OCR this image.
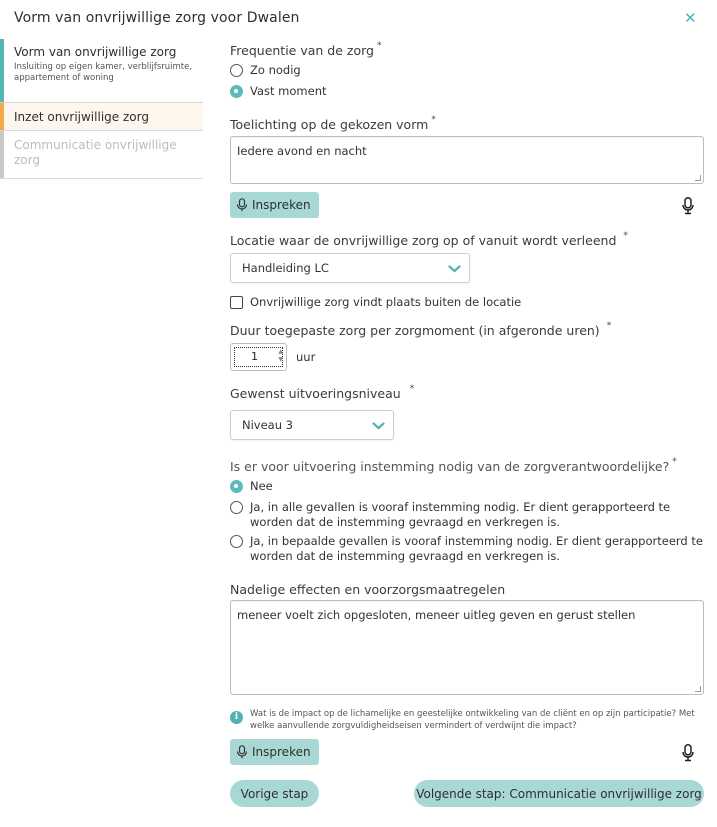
Vorm van onvrijwillige zorg voor Dwalen	✕
Vorm van onvrijwillige zorg
Insluiting op eigen kamer, verblijfsruimte, appartement of woning
Inzet onvrijwillige zorg
Communicatie onvrijwillige zorg
Frequentie van de zorg *
Zo nodig
Vast moment
Toelichting op de gekozen vorm *
Iedere avond en nacht
Inspreken
Locatie waar de onvrijwillige zorg op of vanuit wordt verleend *
Handleiding LC
Onvrijwillige zorg vindt plaats buiten de locatie
Duur toegepaste zorg per zorgmoment (in afgeronde uren) *
1	▲
▼ uur
Gewenst uitvoeringsniveau *
Niveau 3
Is er voor uitvoering instemming nodig van de zorgverantwoordelijke? *
Nee
Ja, in alle gevallen is vooraf instemming nodig. Er dient gerapporteerd te worden dat de instemming gevraagd en verkregen is.
Ja, in bepaalde gevallen is vooraf instemming nodig. Er dient gerapporteerd te worden dat de instemming gevraagd en verkregen is.
Nadelige effecten en voorzorgsmaatregelen
meneer voelt zich opgesloten, meneer uitleg geven en gerust stellen
i	Wat is de impact op de lichamelijke en geestelijke ontwikkeling van de cliënt en op zijn participatie? Met welke aanvullende zorgvuldigheidseisen vermindert of verdwijnt die impact?
Inspreken
Vorige stap	Volgende stap: Communicatie onvrijwillige zorg
